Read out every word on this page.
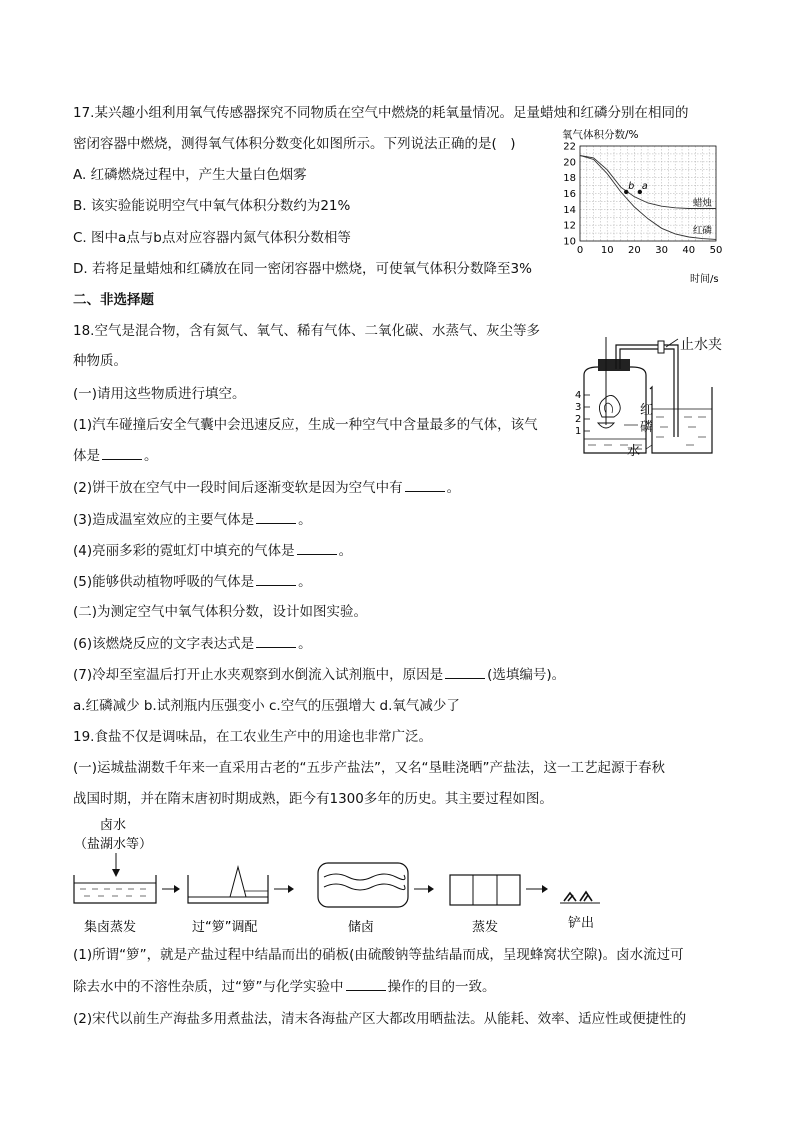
17.某兴趣小组利用氧气传感器探究不同物质在空气中燃烧的耗氧量情况。足量蜡烛和红磷分别在相同的
密闭容器中燃烧，测得氧气体积分数变化如图所示。下列说法正确的是(　)
A. 红磷燃烧过程中，产生大量白色烟雾
B. 该实验能说明空气中氧气体积分数约为21%
C. 图中a点与b点对应容器内氮气体积分数相等
D. 若将足量蜡烛和红磷放在同一密闭容器中燃烧，可使氧气体积分数降至3%
氧气体积分数/%
时间/s
10
12
14
16
18
20
22
0 10 20 30 40 50
蜡烛
红磷
b a
二、非选择题
18.空气是混合物，含有氮气、氧气、稀有气体、二氧化碳、水蒸气、灰尘等多
种物质。
(一)请用这些物质进行填空。
(1)汽车碰撞后安全气囊中会迅速反应，生成一种空气中含量最多的气体，该气
体是	。
(2)饼干放在空气中一段时间后逐渐变软是因为空气中有	。
(3)造成温室效应的主要气体是	。
(4)亮丽多彩的霓虹灯中填充的气体是	。
(5)能够供动植物呼吸的气体是	。
(二)为测定空气中氧气体积分数，设计如图实验。
(6)该燃烧反应的文字表达式是	。
(7)冷却至室温后打开止水夹观察到水倒流入试剂瓶中，原因是	(选填编号)。
a.红磷减少 b.试剂瓶内压强变小 c.空气的压强增大 d.氧气减少了
4
3
2
1
止水夹
红磷
水
19.食盐不仅是调味品，在工农业生产中的用途也非常广泛。
(一)运城盐湖数千年来一直采用古老的“五步产盐法”，又名“垦畦浇晒”产盐法，这一工艺起源于春秋
战国时期，并在隋末唐初时期成熟，距今有1300多年的历史。其主要过程如图。
卤水
（盐湖水等）
集卤蒸发	过“箩”调配	储卤	蒸发	铲出
(1)所谓“箩”，就是产盐过程中结晶而出的硝板(由硫酸钠等盐结晶而成，呈现蜂窝状空隙)。卤水流过可
除去水中的不溶性杂质，过“箩”与化学实验中	操作的目的一致。
(2)宋代以前生产海盐多用煮盐法，清末各海盐产区大都改用晒盐法。从能耗、效率、适应性或便捷性的
